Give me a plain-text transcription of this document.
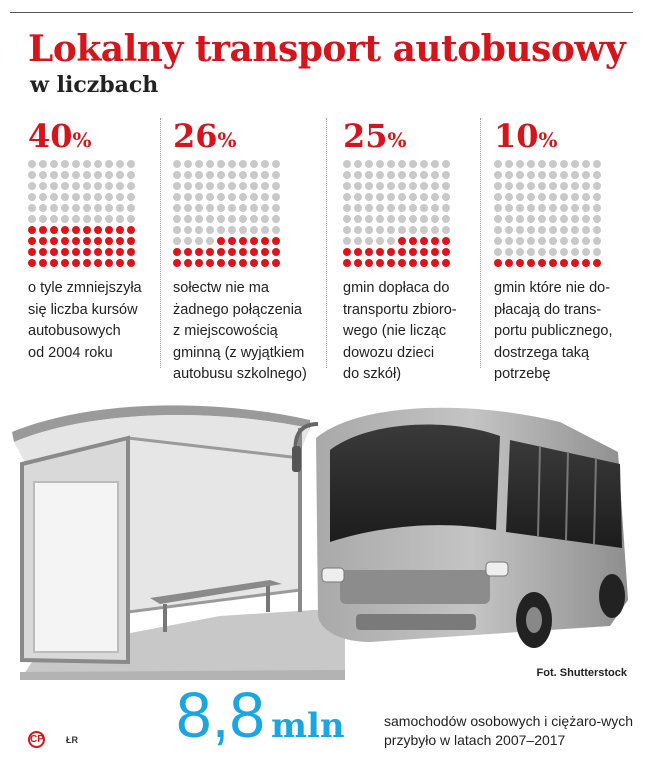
Lokalny transport autobusowy
w liczbach
40%

o tyle zmniejszyła
się liczba kursów
autobusowych
od 2004 roku

26%

sołectw nie ma
żadnego połączenia
z miejscowością
gminną (z wyjątkiem
autobusu szkolnego)

25%

gmin dopłaca do
transportu zbioro-
wego (nie licząc
dowozu dzieci
do szkół)

10%

gmin które nie do-
płacają do trans-
portu publicznego,
dostrzega taką
potrzebę

Fot. Shutterstock
CP ŁR 8,8 mln	samochodów osobowych i ciężaro-wych przybyło w latach 2007–2017
